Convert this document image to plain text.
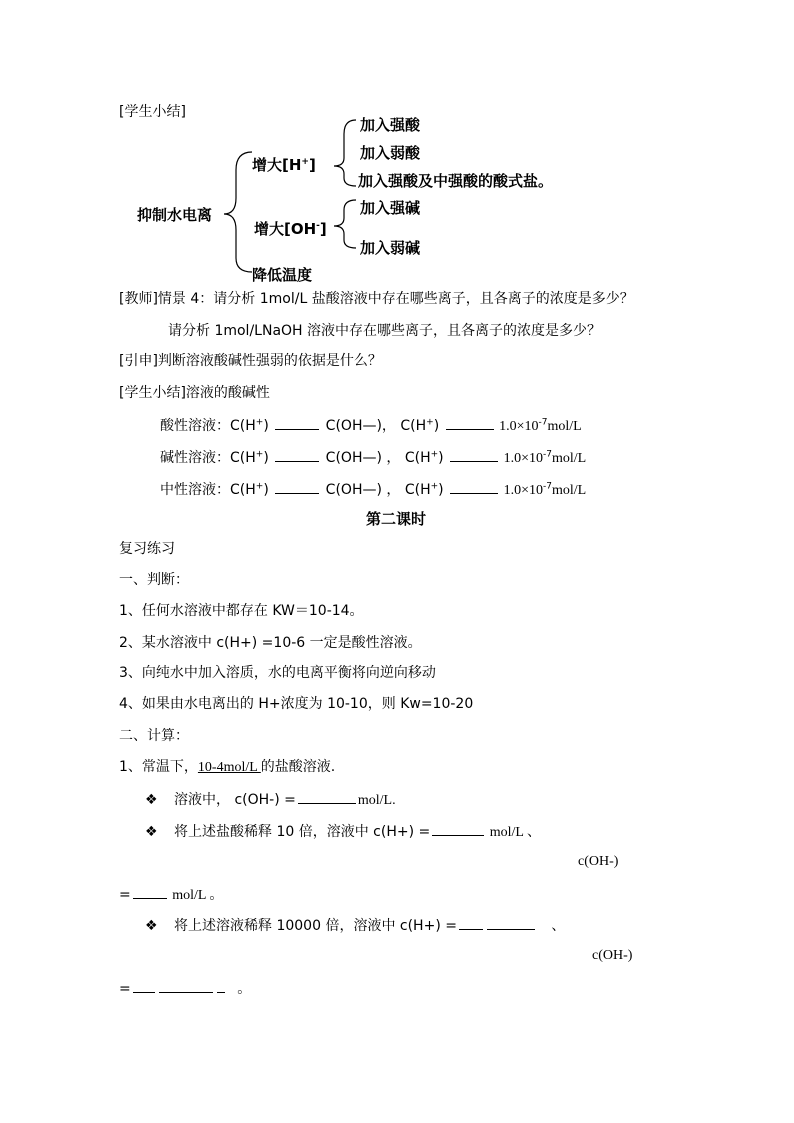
[学生小结]
抑制水电离
增大[H+]
加入强酸
加入弱酸
加入强酸及中强酸的酸式盐。
增大[OH-]
加入强碱
加入弱碱
降低温度
[教师]情景 4：请分析 1mol/L 盐酸溶液中存在哪些离子，且各离子的浓度是多少？
请分析 1mol/LNaOH 溶液中存在哪些离子，且各离子的浓度是多少？
[引申]判断溶液酸碱性强弱的依据是什么？
[学生小结]溶液的酸碱性
酸性溶液：C(H+)	C(OH—)， C(H+)	$1.0\times 10^{-7}mol/L$
碱性溶液：C(H+)	C(OH—) ， C(H+)	$1.0\times 10^{-7}mol/L$
中性溶液：C(H+)	C(OH—) ， C(H+)	$1.0\times 10^{-7}mol/L$
第二课时
复习练习
一、判断：
1、任何水溶液中都存在 KW＝10-14。
2、某水溶液中 c(H+) =10-6 一定是酸性溶液。
3、向纯水中加入溶质，水的电离平衡将向逆向移动
4、如果由水电离出的 H+浓度为 10-10，则 Kw=10-20
二、计算：
1、常温下，10-4mol/L 的盐酸溶液.
❖ 溶液中， c(OH-) =	mol/L.
❖ 将上述盐酸稀释 10 倍，溶液中 c(H+) =	mol/L 、
c(OH-)
=	mol/L 。
❖ 将上述溶液稀释 10000 倍，溶液中 c(H+) =	、
c(OH-)
=	。
